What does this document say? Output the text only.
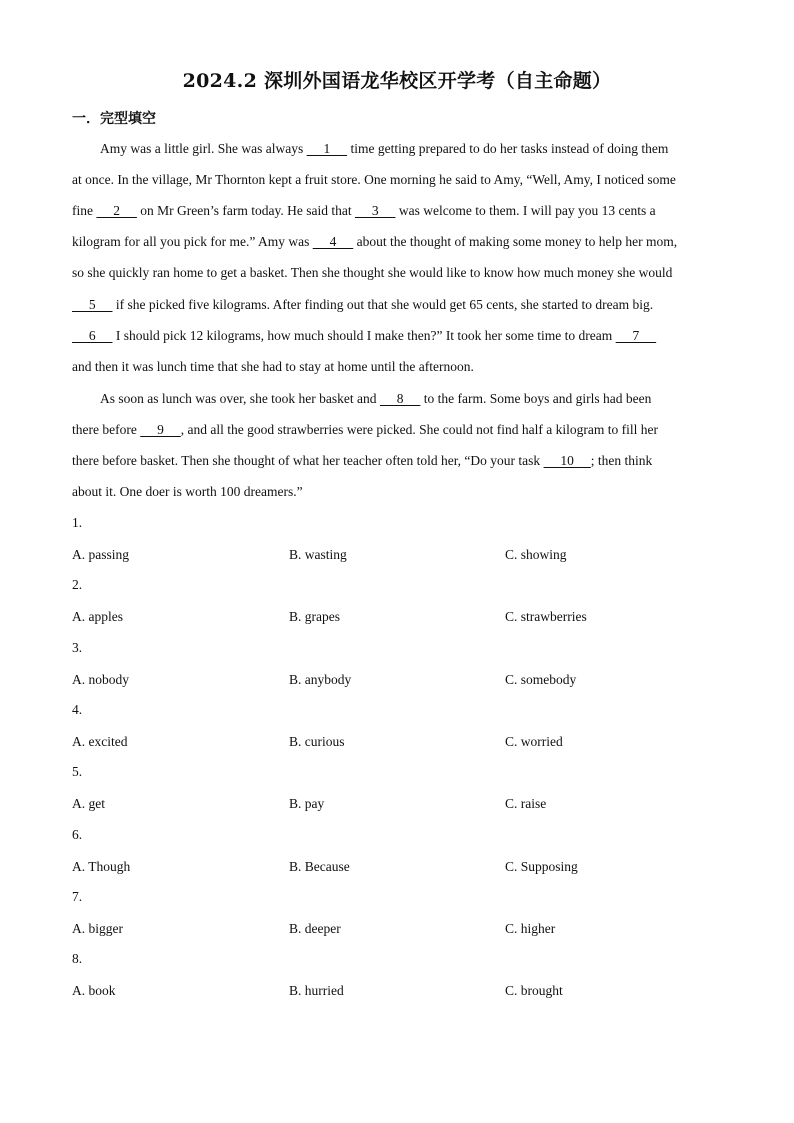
2024.2 深圳外国语龙华校区开学考（自主命题）
一．完型填空
Amy was a little girl. She was always      1      time getting prepared to do her tasks instead of doing them
at once. In the village, Mr Thornton kept a fruit store. One morning he said to Amy, “Well, Amy, I noticed some
fine      2      on Mr Green’s farm today. He said that      3      was welcome to them. I will pay you 13 cents a
kilogram for all you pick for me.” Amy was      4      about the thought of making some money to help her mom,
so she quickly ran home to get a basket. Then she thought she would like to know how much money she would
5      if she picked five kilograms. After finding out that she would get 65 cents, she started to dream big.
6      I should pick 12 kilograms, how much should I make then?” It took her some time to dream      7
and then it was lunch time that she had to stay at home until the afternoon.
As soon as lunch was over, she took her basket and      8      to the farm. Some boys and girls had been
there before      9     , and all the good strawberries were picked. She could not find half a kilogram to fill her
there before basket. Then she thought of what her teacher often told her, “Do your task      10     ; then think
about it. One doer is worth 100 dreamers.”
1.
A. passing	B. wasting	C. showing
2.
A. apples	B. grapes	C. strawberries
3.
A. nobody	B. anybody	C. somebody
4.
A. excited	B. curious	C. worried
5.
A. get	B. pay	C. raise
6.
A. Though	B. Because	C. Supposing
7.
A. bigger	B. deeper	C. higher
8.
A. book	B. hurried	C. brought
